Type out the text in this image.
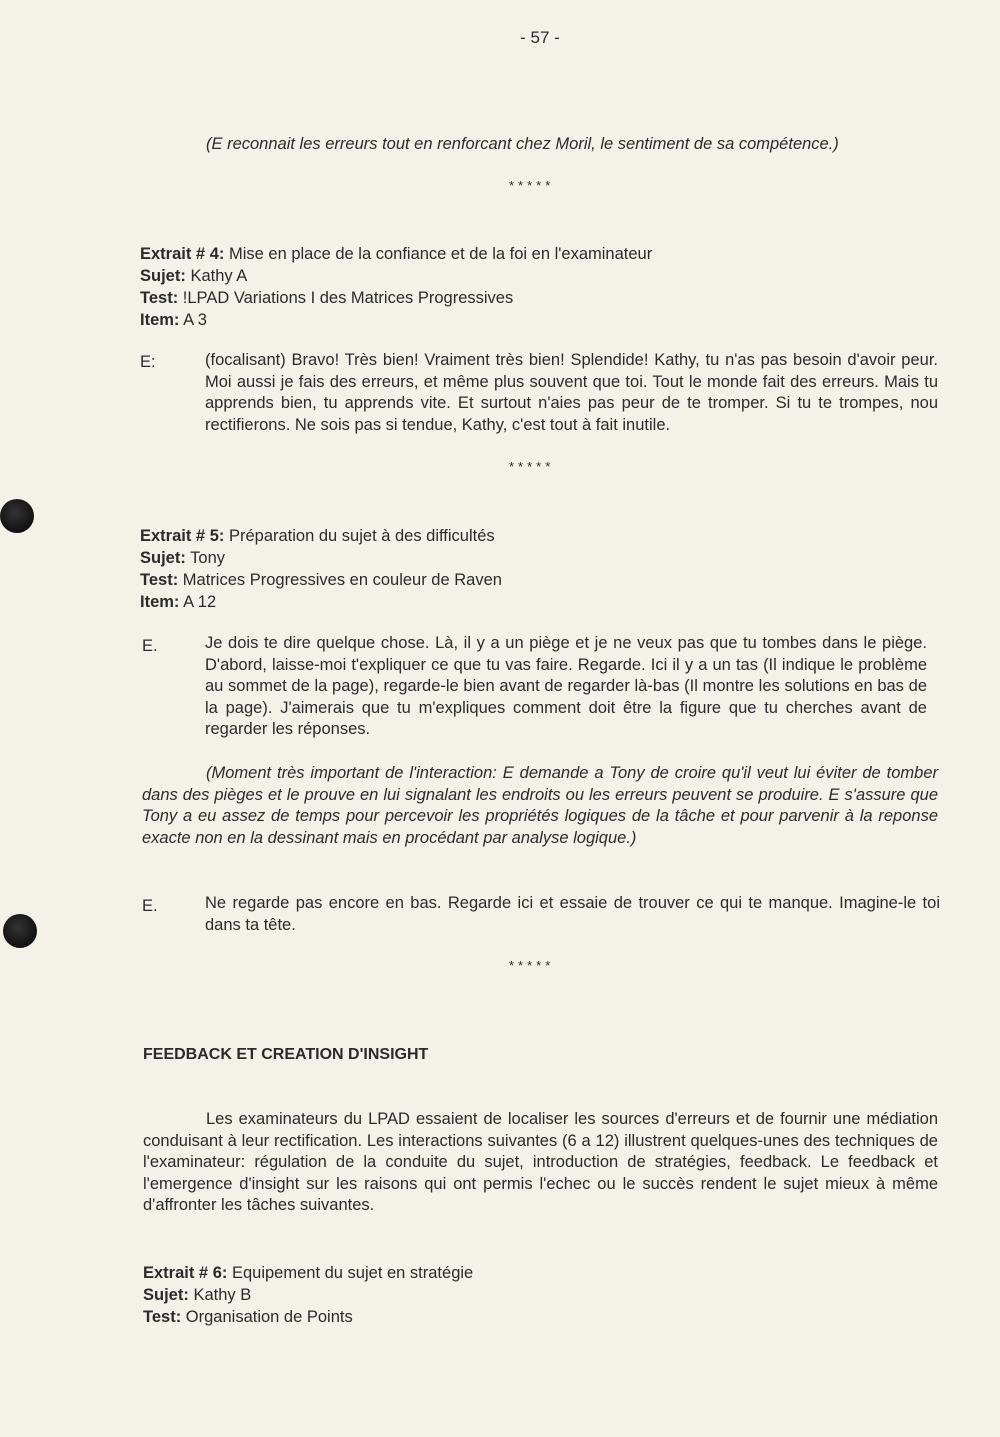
- 57 -
(E reconnait les erreurs tout en renforcant chez Moril, le sentiment de sa compétence.)
*****
Extrait # 4: Mise en place de la confiance et de la foi en l'examinateur
Sujet: Kathy A
Test: !LPAD Variations I des Matrices Progressives
Item: A 3
E:	(focalisant) Bravo! Très bien! Vraiment très bien! Splendide! Kathy, tu n'as pas besoin d'avoir peur. Moi aussi je fais des erreurs, et même plus souvent que toi. Tout le monde fait des erreurs. Mais tu apprends bien, tu apprends vite. Et surtout n'aies pas peur de te tromper. Si tu te trompes, nou rectifierons. Ne sois pas si tendue, Kathy, c'est tout à fait inutile.
*****
Extrait # 5: Préparation du sujet à des difficultés
Sujet: Tony
Test: Matrices Progressives en couleur de Raven
Item: A 12
E.	Je dois te dire quelque chose. Là, il y a un piège et je ne veux pas que tu tombes dans le piège. D'abord, laisse-moi t'expliquer ce que tu vas faire. Regarde. Ici il y a un tas (Il indique le problème au sommet de la page), regarde-le bien avant de regarder là-bas (Il montre les solutions en bas de la page). J'aimerais que tu m'expliques comment doit être la figure que tu cherches avant de regarder les réponses.
(Moment très important de l'interaction: E demande a Tony de croire qu'il veut lui éviter de tomber dans des pièges et le prouve en lui signalant les endroits ou les erreurs peuvent se produire. E s'assure que Tony a eu assez de temps pour percevoir les propriétés logiques de la tâche et pour parvenir à la reponse exacte non en la dessinant mais en procédant par analyse logique.)
E.	Ne regarde pas encore en bas. Regarde ici et essaie de trouver ce qui te manque. Imagine-le toi dans ta tête.
*****
FEEDBACK ET CREATION D'INSIGHT
Les examinateurs du LPAD essaient de localiser les sources d'erreurs et de fournir une médiation conduisant à leur rectification. Les interactions suivantes (6 a 12) illustrent quelques-unes des techniques de l'examinateur: régulation de la conduite du sujet, introduction de stratégies, feedback. Le feedback et l'emergence d'insight sur les raisons qui ont permis l'echec ou le succès rendent le sujet mieux à même d'affronter les tâches suivantes.
Extrait # 6: Equipement du sujet en stratégie
Sujet: Kathy B
Test: Organisation de Points
